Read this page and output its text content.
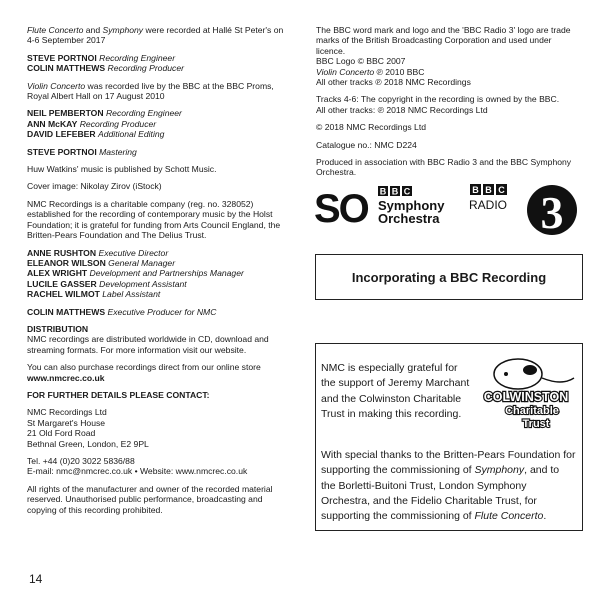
Flute Concerto and Symphony were recorded at Hallé St Peter's on 4-6 September 2017

STEVE PORTNOI Recording Engineer
COLIN MATTHEWS Recording Producer

Violin Concerto was recorded live by the BBC at the BBC Proms, Royal Albert Hall on 17 August 2010

NEIL PEMBERTON Recording Engineer
ANN McKAY Recording Producer
DAVID LEFEBER Additional Editing

STEVE PORTNOI Mastering

Huw Watkins' music is published by Schott Music.

Cover image: Nikolay Zirov (iStock)

NMC Recordings is a charitable company (reg. no. 328052) established for the recording of contemporary music by the Holst Foundation; it is grateful for funding from Arts Council England, the Britten-Pears Foundation and The Delius Trust.

ANNE RUSHTON Executive Director
ELEANOR WILSON General Manager
ALEX WRIGHT Development and Partnerships Manager
LUCILE GASSER Development Assistant
RACHEL WILMOT Label Assistant

COLIN MATTHEWS Executive Producer for NMC

DISTRIBUTION
NMC recordings are distributed worldwide in CD, download and streaming formats. For more information visit our website.

You can also purchase recordings direct from our online store
www.nmcrec.co.uk

FOR FURTHER DETAILS PLEASE CONTACT:

NMC Recordings Ltd
St Margaret's House
21 Old Ford Road
Bethnal Green, London, E2 9PL

Tel. +44 (0)20 3022 5836/88
E-mail: nmc@nmcrec.co.uk • Website: www.nmcrec.co.uk

All rights of the manufacturer and owner of the recorded material reserved. Unauthorised public performance, broadcasting and copying of this recording prohibited.

The BBC word mark and logo and the 'BBC Radio 3' logo are trade marks of the British Broadcasting Corporation and used under licence.
BBC Logo © BBC 2007
Violin Concerto ℗ 2010 BBC
All other tracks ℗ 2018 NMC Recordings

Tracks 4-6: The copyright in the recording is owned by the BBC.
All other tracks: ℗ 2018 NMC Recordings Ltd

© 2018 NMC Recordings Ltd

Catalogue no.: NMC D224

Produced in association with BBC Radio 3 and the BBC Symphony Orchestra.

SO B B C
Symphony
Orchestra
B B C
RADIO 3
Incorporating a BBC Recording
NMC is especially grateful for the support of Jeremy Marchant and the Colwinston Charitable Trust in making this recording.
COLWINSTON
Charitable
Trust
With special thanks to the Britten-Pears Foundation for supporting the commissioning of Symphony, and to the Borletti-Buitoni Trust, London Symphony Orchestra, and the Fidelio Charitable Trust, for supporting the commissioning of Flute Concerto.
14
